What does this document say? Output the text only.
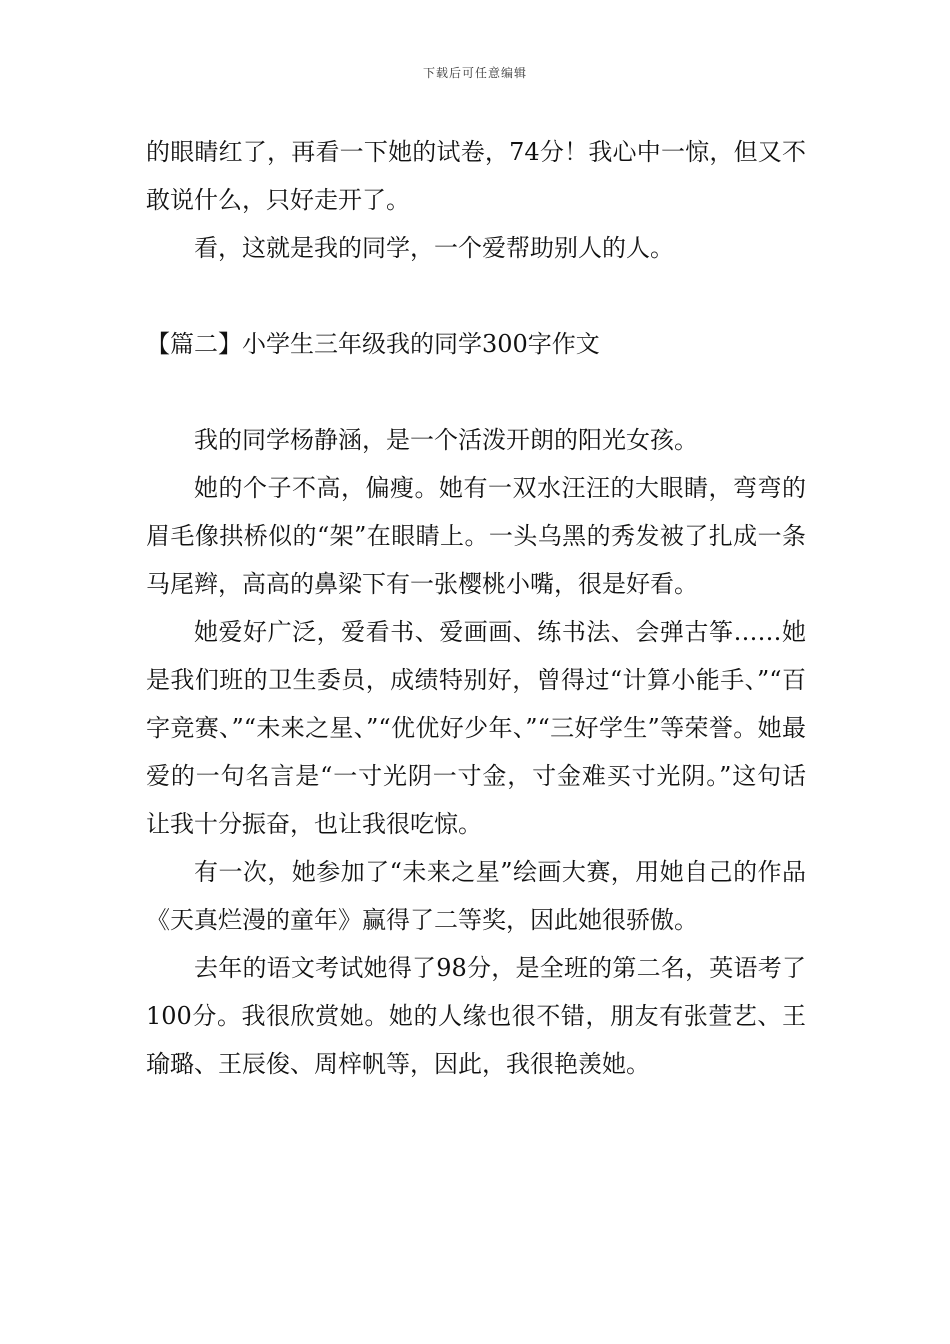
下载后可任意编辑

的眼睛红了，再看一下她的试卷，74分！我心中一惊，但又不敢说什么，只好走开了。

看，这就是我的同学，一个爱帮助别人的人。

【篇二】小学生三年级我的同学300字作文

我的同学杨静涵，是一个活泼开朗的阳光女孩。

她的个子不高，偏瘦。她有一双水汪汪的大眼睛，弯弯的眉毛像拱桥似的“架”在眼睛上。一头乌黑的秀发被了扎成一条马尾辫，高高的鼻梁下有一张樱桃小嘴，很是好看。

她爱好广泛，爱看书、爱画画、练书法、会弹古筝……她是我们班的卫生委员，成绩特别好，曾得过“计算小能手、”“百字竞赛、”“未来之星、”“优优好少年、”“三好学生”等荣誉。她最爱的一句名言是“一寸光阴一寸金，寸金难买寸光阴。”这句话让我十分振奋，也让我很吃惊。

有一次，她参加了“未来之星”绘画大赛，用她自己的作品《天真烂漫的童年》赢得了二等奖，因此她很骄傲。

去年的语文考试她得了98分，是全班的第二名，英语考了100分。我很欣赏她。她的人缘也很不错，朋友有张萱艺、王瑜璐、王辰俊、周梓帆等，因此，我很艳羡她。
